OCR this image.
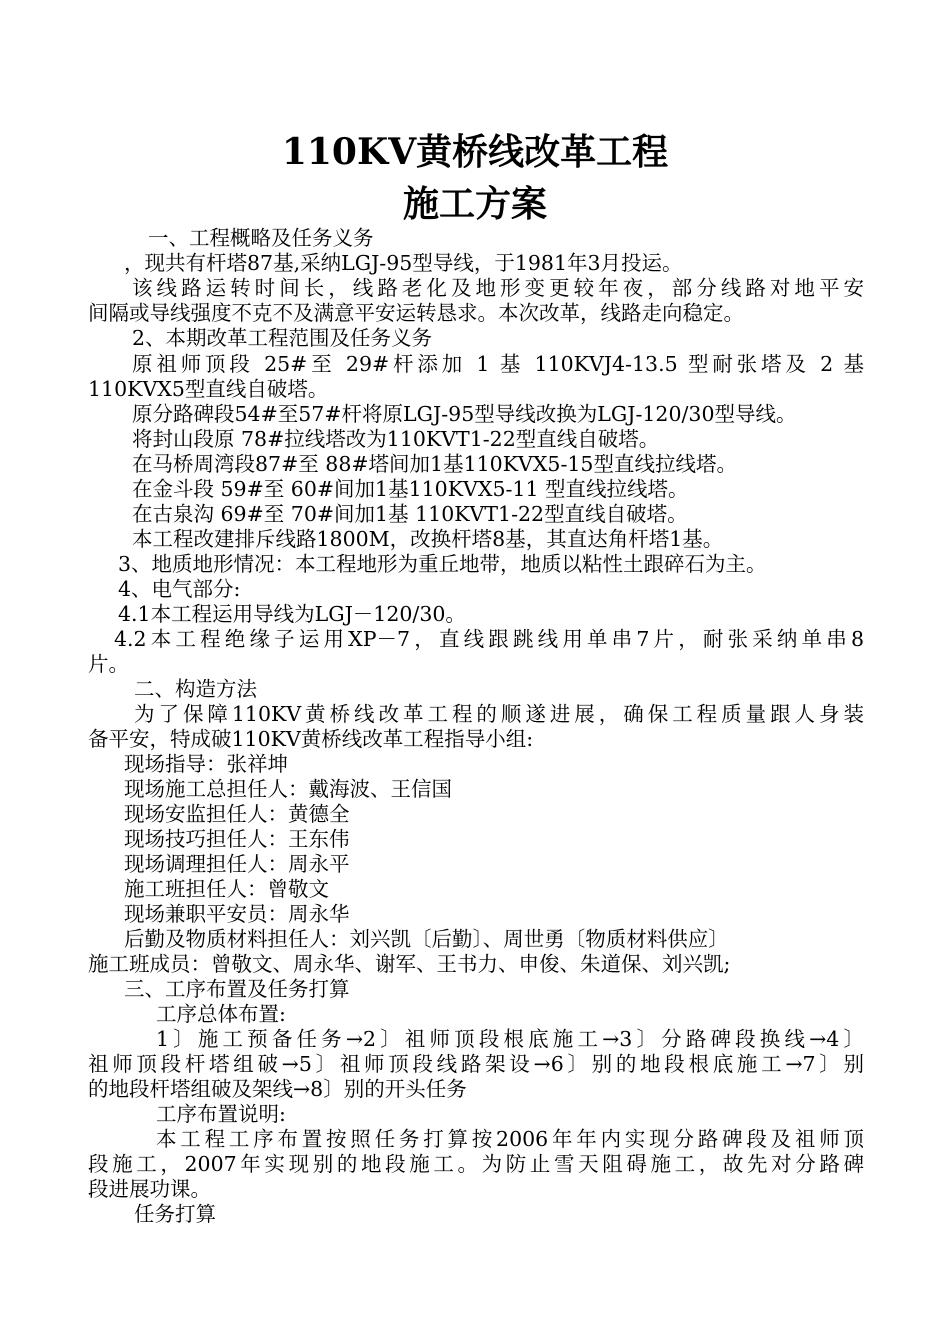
110KV黄桥线改革工程
施工方案
一、工程概略及任务义务
，现共有杆塔87基,采纳LGJ-95型导线，于1981年3月投运。
该线路运转时间长，线路老化及地形变更较年夜，部分线路对地平安
间隔或导线强度不克不及满意平安运转恳求。本次改革，线路走向稳定。
2、本期改革工程范围及任务义务
原祖师顶段 25#至 29#杆添加 1 基 110KVJ4-13.5 型耐张塔及 2 基
110KVX5型直线自破塔。
原分路碑段54#至57#杆将原LGJ-95型导线改换为LGJ-120/30型导线。
将封山段原 78#拉线塔改为110KVT1-22型直线自破塔。
在马桥周湾段87#至 88#塔间加1基110KVX5-15型直线拉线塔。
在金斗段 59#至 60#间加1基110KVX5-11 型直线拉线塔。
在古泉沟 69#至 70#间加1基 110KVT1-22型直线自破塔。
本工程改建排斥线路1800M，改换杆塔8基，其直达角杆塔1基。
3、地质地形情况：本工程地形为重丘地带，地质以粘性土跟碎石为主。
4、电气部分:
4.1本工程运用导线为LGJ－120/30。
4.2本工程绝缘子运用XP－7，直线跟跳线用单串7片，耐张采纳单串8
片。
二、构造方法
为了保障110KV黄桥线改革工程的顺遂进展，确保工程质量跟人身装
备平安，特成破110KV黄桥线改革工程指导小组:
现场指导：张祥坤
现场施工总担任人：戴海波、王信国
现场安监担任人：黄德全
现场技巧担任人：王东伟
现场调理担任人：周永平
施工班担任人：曾敬文
现场兼职平安员：周永华
后勤及物质材料担任人：刘兴凯〔后勤〕、周世勇〔物质材料供应〕
施工班成员：曾敬文、周永华、谢军、王书力、申俊、朱道保、刘兴凯;
三、工序布置及任务打算
工序总体布置:
1〕施工预备任务→2〕祖师顶段根底施工→3〕分路碑段换线→4〕
祖师顶段杆塔组破→5〕祖师顶段线路架设→6〕别的地段根底施工→7〕别
的地段杆塔组破及架线→8〕别的开头任务
工序布置说明:
本工程工序布置按照任务打算按2006年年内实现分路碑段及祖师顶
段施工，2007年实现别的地段施工。为防止雪天阻碍施工，故先对分路碑
段进展功课。
任务打算
